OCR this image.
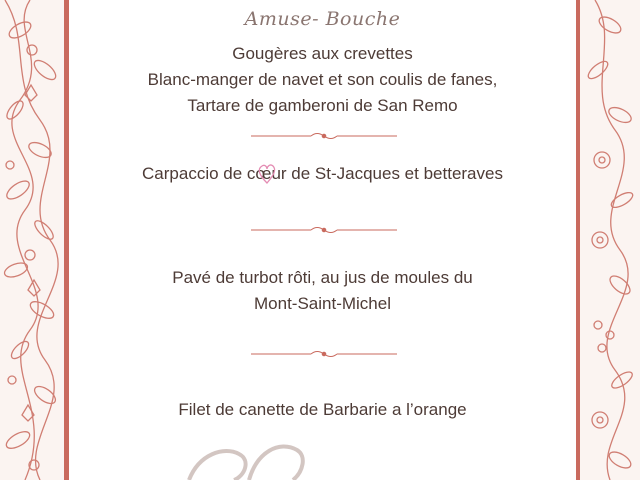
Amuse- Bouche
Gougères aux crevettes
Blanc-manger de navet et son coulis de fanes,
Tartare de gamberoni de San Remo
Carpaccio de cœur de St-Jacques et betteraves
Pavé de turbot rôti, au jus de moules du
Mont-Saint-Michel
Filet de canette de Barbarie a l’orange
